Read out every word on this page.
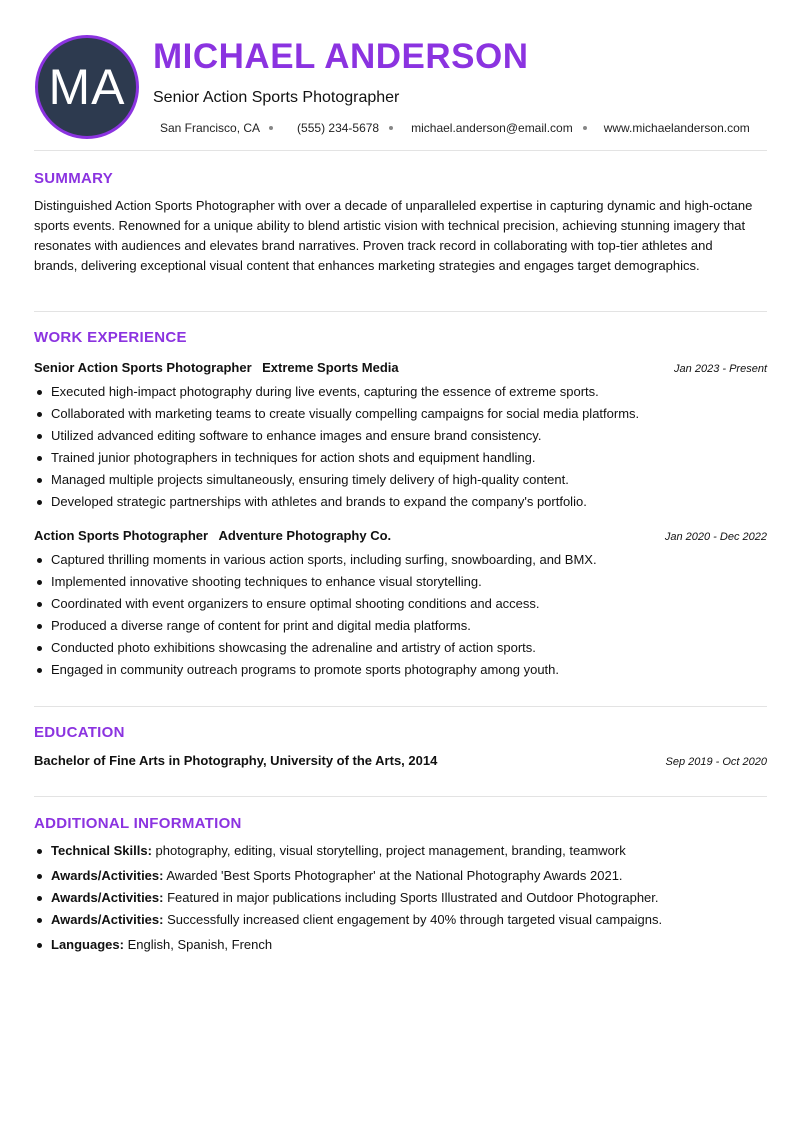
MA
MICHAEL ANDERSON
Senior Action Sports Photographer
San Francisco, CA	(555) 234-5678	michael.anderson@email.com	www.michaelanderson.com
SUMMARY

Distinguished Action Sports Photographer with over a decade of unparalleled expertise in capturing dynamic and high-octane sports events. Renowned for a unique ability to blend artistic vision with technical precision, achieving stunning imagery that resonates with audiences and elevates brand narratives. Proven track record in collaborating with top-tier athletes and brands, delivering exceptional visual content that enhances marketing strategies and engages target demographics.

WORK EXPERIENCE
Senior Action Sports Photographer Extreme Sports Media	Jan 2023 - Present
Executed high-impact photography during live events, capturing the essence of extreme sports.
Collaborated with marketing teams to create visually compelling campaigns for social media platforms.
Utilized advanced editing software to enhance images and ensure brand consistency.
Trained junior photographers in techniques for action shots and equipment handling.
Managed multiple projects simultaneously, ensuring timely delivery of high-quality content.
Developed strategic partnerships with athletes and brands to expand the company's portfolio.
Action Sports Photographer Adventure Photography Co.	Jan 2020 - Dec 2022
Captured thrilling moments in various action sports, including surfing, snowboarding, and BMX.
Implemented innovative shooting techniques to enhance visual storytelling.
Coordinated with event organizers to ensure optimal shooting conditions and access.
Produced a diverse range of content for print and digital media platforms.
Conducted photo exhibitions showcasing the adrenaline and artistry of action sports.
Engaged in community outreach programs to promote sports photography among youth.
EDUCATION
Bachelor of Fine Arts in Photography, University of the Arts, 2014	Sep 2019 - Oct 2020
ADDITIONAL INFORMATION
Technical Skills: photography, editing, visual storytelling, project management, branding, teamwork
Awards/Activities: Awarded 'Best Sports Photographer' at the National Photography Awards 2021.
Awards/Activities: Featured in major publications including Sports Illustrated and Outdoor Photographer.
Awards/Activities: Successfully increased client engagement by 40% through targeted visual campaigns.
Languages: English, Spanish, French
